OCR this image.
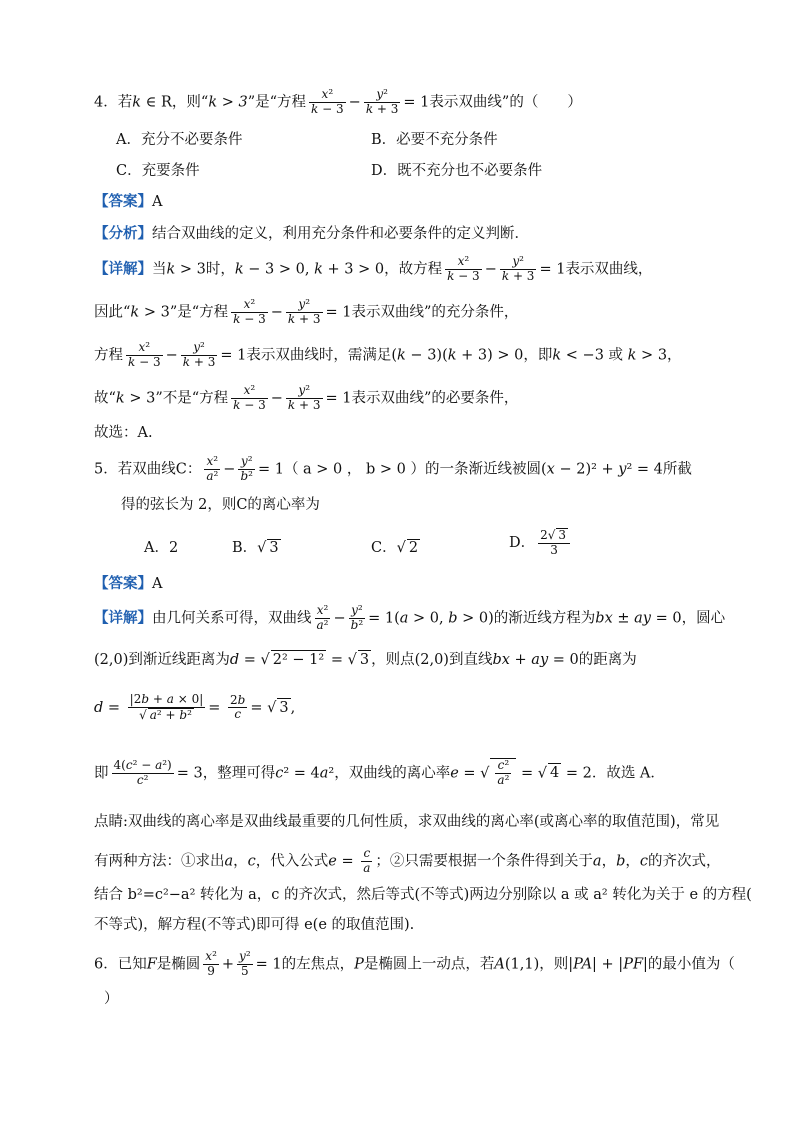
4．若k ∈ R，则“k > 3”是“方程 $\frac{\text{x²}}{k - 3} - \frac{\text{y²}}{k + 3} = 1$表示双曲线”的（　　）
A．充分不必要条件	B．必要不充分条件
C．充要条件	D．既不充分也不必要条件
【答案】A
【分析】结合双曲线的定义，利用充分条件和必要条件的定义判断．
【详解】当k > 3时，k − 3 > 0, k + 3 > 0，故方程 $\frac{\text{x²}}{k - 3} - \frac{\text{y²}}{k + 3} = 1$表示双曲线，
因此“k > 3”是“方程 $\frac{\text{x²}}{k - 3} - \frac{\text{y²}}{k + 3} = 1$表示双曲线”的充分条件，
方程 $\frac{\text{x²}}{k - 3} - \frac{\text{y²}}{k + 3} = 1$表示双曲线时，需满足(k − 3)(k + 3) > 0，即k < −3 或 k > 3，
故“k > 3”不是“方程 $\frac{\text{x²}}{k - 3} - \frac{\text{y²}}{k + 3} = 1$表示双曲线”的必要条件，
故选：A.
5．若双曲线C： $\frac{\text{x²}}{\text{a²}} - \frac{\text{y²}}{\text{b²}} = 1$（ a > 0 ， b > 0 ）的一条渐近线被圆(x − 2)² + y² = 4所截
得的弦长为 2，则C的离心率为
A．2	B．√ 3	C．√ 2	D． $\frac{2√ 3}{3}$
【答案】A
【详解】由几何关系可得，双曲线 $\frac{\text{x²}}{\text{a²}} - \frac{\text{y²}}{\text{b²}} = 1(a > 0$, b > 0)的渐近线方程为bx ± ay = 0，圆心
(2,0)到渐近线距离为d = √ 2² − 1² = √ 3 ，则点(2,0)到直线bx + ay = 0的距离为
$d = \frac{|2b + a \times 0|}{\text{√ a² + b²}} = \frac{2b}{c}$ = √ 3 ,
即 $\frac{\text{4(c² − a²)}}{\text{c²}} = 3$，整理可得c² = 4a²，双曲线的离心率e = √ $\frac{\text{c²}}{\text{a²}}$ = √ 4 = 2．故选 A．
点睛:双曲线的离心率是双曲线最重要的几何性质，求双曲线的离心率(或离心率的取值范围)，常见
有两种方法：①求出a，c，代入公式$e = \frac{c}{a}$ ；②只需要根据一个条件得到关于a，b，c的齐次式，
结合 b²=c²−a² 转化为 a，c 的齐次式，然后等式(不等式)两边分别除以 a 或 a² 转化为关于 e 的方程(
不等式)，解方程(不等式)即可得 e(e 的取值范围).
6．已知F是椭圆 $\frac{\text{x²}}{9} + \frac{\text{y²}}{5} = 1$的左焦点，P是椭圆上一动点，若A(1,1)，则|PA| + |PF|的最小值为（
）
